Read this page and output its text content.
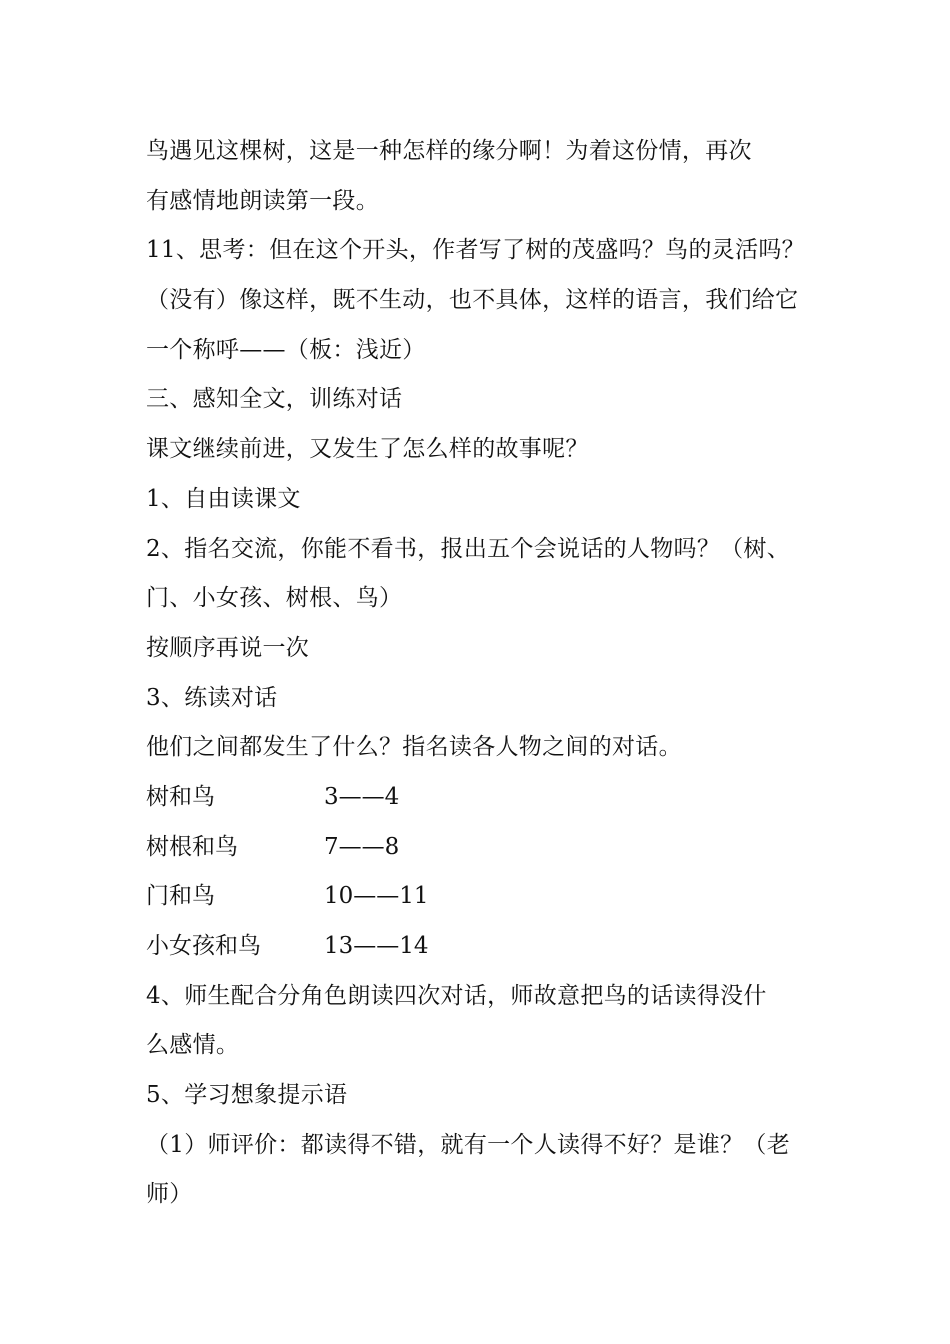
鸟遇见这棵树，这是一种怎样的缘分啊！为着这份情，再次
有感情地朗读第一段。
11、思考：但在这个开头，作者写了树的茂盛吗？鸟的灵活吗？
（没有）像这样，既不生动，也不具体，这样的语言，我们给它
一个称呼——（板：浅近）
三、感知全文，训练对话
课文继续前进，又发生了怎么样的故事呢？
1、自由读课文
2、指名交流，你能不看书，报出五个会说话的人物吗？（树、
门、小女孩、树根、鸟）
按顺序再说一次
3、练读对话
他们之间都发生了什么？指名读各人物之间的对话。
树和鸟	3——4
树根和鸟	7——8
门和鸟	10——11
小女孩和鸟	13——14
4、师生配合分角色朗读四次对话，师故意把鸟的话读得没什
么感情。
5、学习想象提示语
（1）师评价：都读得不错，就有一个人读得不好？是谁？（老
师）
